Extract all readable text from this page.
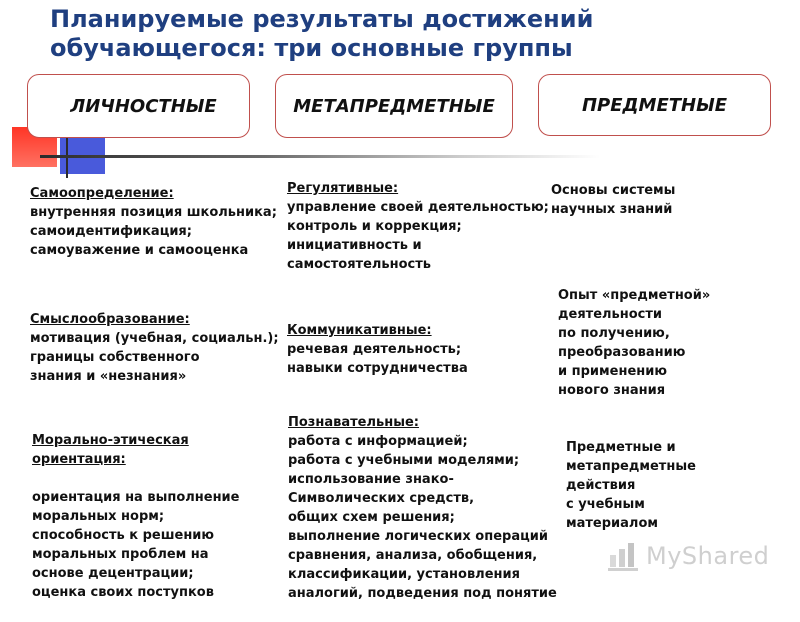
Планируемые результаты достижений
обучающегося: три основные группы
ЛИЧНОСТНЫЕ	МЕТАПРЕДМЕТНЫЕ	ПРЕДМЕТНЫЕ

Самоопределение:

внутренняя позиция школьника;
самоидентификация;
самоуважение и самооценка

Смыслообразование:

мотивация (учебная, социальн.);
границы собственного
знания и «незнания»

Морально-этическая
ориентация:

ориентация на выполнение
моральных норм;
способность к решению
моральных проблем на
основе децентрации;
оценка своих поступков

Регулятивные:

управление своей деятельностью;
контроль и коррекция;
инициативность и
самостоятельность

Коммуникативные:

речевая деятельность;
навыки сотрудничества

Познавательные:

работа с информацией;
работа с учебными моделями;
использование знако-
Символических средств,
общих схем решения;
выполнение логических операций
сравнения, анализа, обобщения,
классификации, установления
аналогий, подведения под понятие

Основы системы
научных знаний
Опыт «предметной»
деятельности
по получению,
преобразованию
и применению
нового знания
Предметные и
метапредметные
действия
с учебным
материалом
MyShared
